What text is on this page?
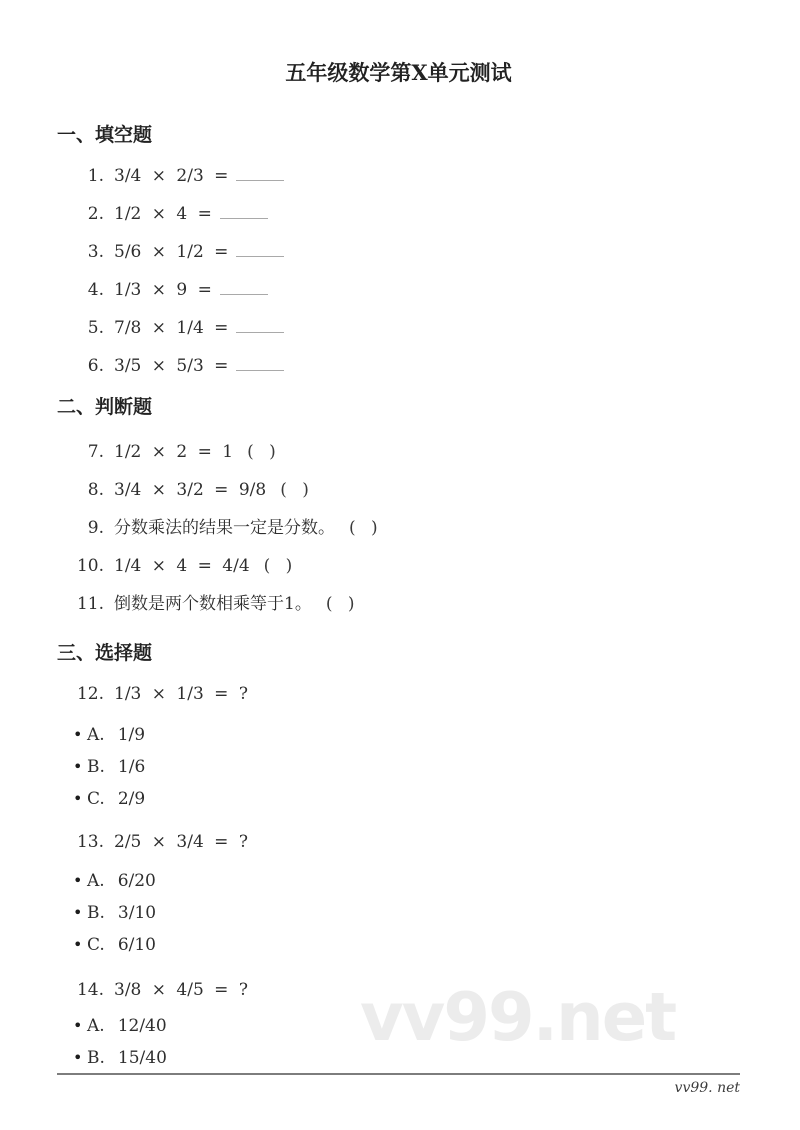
vv99.net
五年级数学第X单元测试
一、填空题
1. 3/4 × 2/3 =
2. 1/2 × 4 =
3. 5/6 × 1/2 =
4. 1/3 × 9 =
5. 7/8 × 1/4 =
6. 3/5 × 5/3 =
二、判断题
7. 1/2 × 2 = 1 ( )
8. 3/4 × 3/2 = 9/8 ( )
9. 分数乘法的结果一定是分数。 ( )
10. 1/4 × 4 = 4/4 ( )
11. 倒数是两个数相乘等于1。 ( )
三、选择题
12. 1/3 × 1/3 = ?
• A. 1/9
• B. 1/6
• C. 2/9
13. 2/5 × 3/4 = ?
• A. 6/20
• B. 3/10
• C. 6/10
14. 3/8 × 4/5 = ?
• A. 12/40
• B. 15/40
vv99. net
